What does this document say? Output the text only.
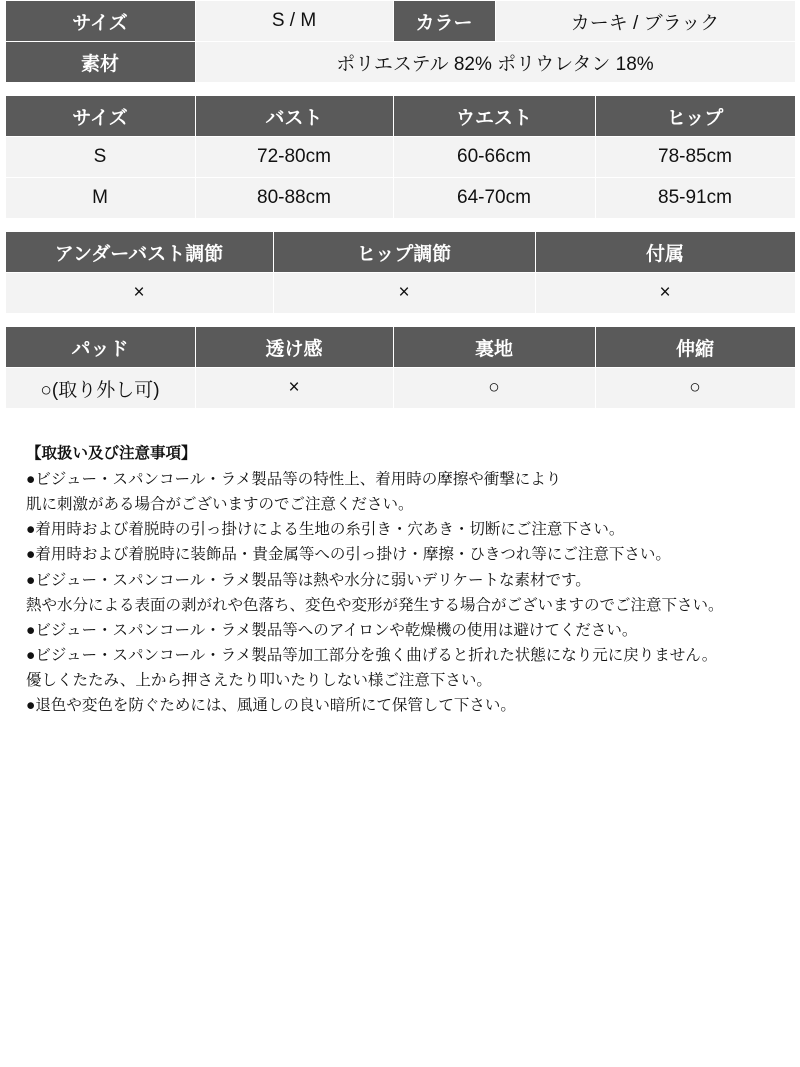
サイズ	S / M	カラー	カーキ / ブラック
素材	ポリエステル 82% ポリウレタン 18%		
サイズ	バスト	ウエスト	ヒップ
S	72-80cm	60-66cm	78-85cm
M	80-88cm	64-70cm	85-91cm
アンダーバスト調節	ヒップ調節	付属
×	×	×
パッド	透け感	裏地	伸縮
○(取り外し可)	×	○	○

【取扱い及び注意事項】

●ビジュー・スパンコール・ラメ製品等の特性上、着用時の摩擦や衝撃により

肌に刺激がある場合がございますのでご注意ください。

●着用時および着脱時の引っ掛けによる生地の糸引き・穴あき・切断にご注意下さい。

●着用時および着脱時に装飾品・貴金属等への引っ掛け・摩擦・ひきつれ等にご注意下さい。

●ビジュー・スパンコール・ラメ製品等は熱や水分に弱いデリケートな素材です。

熱や水分による表面の剥がれや色落ち、変色や変形が発生する場合がございますのでご注意下さい。

●ビジュー・スパンコール・ラメ製品等へのアイロンや乾燥機の使用は避けてください。

●ビジュー・スパンコール・ラメ製品等加工部分を強く曲げると折れた状態になり元に戻りません。

優しくたたみ、上から押さえたり叩いたりしない様ご注意下さい。

●退色や変色を防ぐためには、風通しの良い暗所にて保管して下さい。
